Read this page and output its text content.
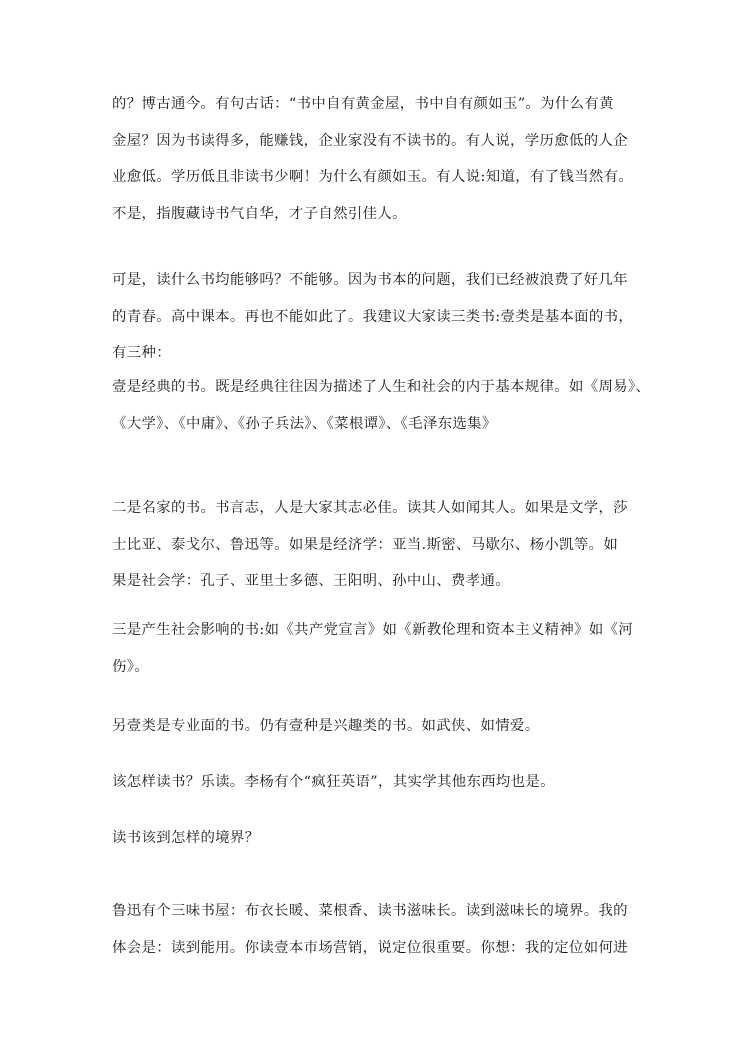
的？博古通今。有句古话：“书中自有黄金屋，书中自有颜如玉”。为什么有黄
金屋？因为书读得多，能赚钱，企业家没有不读书的。有人说，学历愈低的人企
业愈低。学历低且非读书少啊！为什么有颜如玉。有人说:知道，有了钱当然有。
不是，指腹藏诗书气自华，才子自然引佳人。

可是，读什么书均能够吗？不能够。因为书本的问题，我们已经被浪费了好几年
的青春。高中课本。再也不能如此了。我建议大家读三类书:壹类是基本面的书，
有三种：

壹是经典的书。既是经典往往因为描述了人生和社会的内于基本规律。如《周易》、
《大学》、《中庸》、《孙子兵法》、《菜根谭》、《毛泽东选集》

二是名家的书。书言志，人是大家其志必佳。读其人如闻其人。如果是文学，莎
士比亚、泰戈尔、鲁迅等。如果是经济学：亚当.斯密、马歇尔、杨小凯等。如
果是社会学：孔子、亚里士多德、王阳明、孙中山、费孝通。

三是产生社会影响的书:如《共产党宣言》如《新教伦理和资本主义精神》如《河
伤》。

另壹类是专业面的书。仍有壹种是兴趣类的书。如武侠、如情爱。

该怎样读书？乐读。李杨有个“疯狂英语”，其实学其他东西均也是。

读书该到怎样的境界？

鲁迅有个三味书屋：布衣长暖、菜根香、读书滋味长。读到滋味长的境界。我的
体会是：读到能用。你读壹本市场营销，说定位很重要。你想：我的定位如何进
